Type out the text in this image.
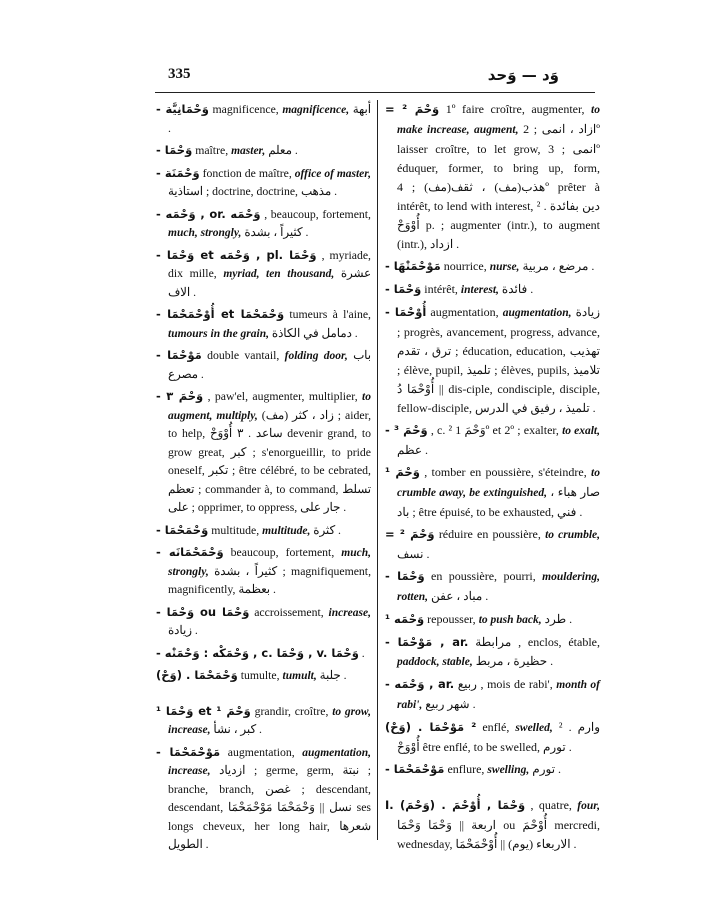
335	وَد — وَحد

- وَحْمَانِيَّة magnificence, magnificence, أبهة .

- وَحْمَا maître, master, معلم .

- وَحْمَنَة fonction de maître, office of master, استاذية ; doctrine, doctrine, مذهب .

- وَحْمَه , or. وَحْمَه , beaucoup, fortement, much, strongly, كثيراً ، بشدة .

- وَحْمَا et وَحْمَه , pl. وَحْمَا , myriade, dix mille, myriad, ten thousand, عشرة الاف .

- أُوْحْمَحْمَا et وَحْمَحْمَا tumeurs à l'aine, tumours in the grain, دمامل في الكاذة .

- مَوْحْمَا double vantail, folding door, باب مصرع .

- وَحْمَ ٣ , paw'el, augmenter, multiplier, to augment, multiply, (مف) زاد ، كثر ; aider, to help, ساعد . ٣ أُوْوَحْ devenir grand, to grow great, كبر ; s'enorgueillir, to pride oneself, تكبر ; être célébré, to be cebrated, تعظم ; commander à, to command, تسلط على ; opprimer, to oppress, جار على .

- وَحْمَحْمَا multitude, multitude, كثرة .

- وَحْمَحْمَانَه beaucoup, fortement, much, strongly, كثيراً ، بشدة ; magnifiquement, magnificently, بعظمة .

- وَحْمَا ou وَحْمَا accroissement, increase, زيادة .

- وَحْمَكْه : وَحْمَنْه , c. وَحْمَا , v. وَحْمَا .

(وَحْ) . وَحْمَحْمَا tumulte, tumult, جلبة .

¹ وَحْمَا et ¹ وَحْمَ grandir, croître, to grow, increase, كبر ، نشأ .

- مَوْحْمَحْمَا augmentation, augmentation, increase, ازدياد ; germe, germ, نبتة ; branche, branch, غصن ; descendant, descendant, نسل || وَحْمَحْمَا مَوْحْمَحْمَا ses longs cheveux, her long hair, شعرها الطويل .

= ² وَحْمَ 1º faire croître, augmenter, to make increase, augment, ازاد ، انمى ; 2º laisser croître, to let grow, انمى ; 3º éduquer, former, to bring up, form, هذب(مف) ، ثقف(مف) ; 4º prêter à intérêt, to lend with interest, دين بفائدة . ² أُوْوَحْ p. ; augmenter (intr.), to augment (intr.), ازداد .

- مَوْحْمَنْهَا nourrice, nurse, مرضع ، مربية .

- وَحْمَا intérêt, interest, فائدة .

- أُوْحْمَا augmentation, augmentation, زيادة ; progrès, avancement, progress, advance, ترق ، تقدم ; éducation, education, تهذيب ; élève, pupil, تلميذ ; élèves, pupils, تلاميذ || أُوْحْمَا دُ dis-ciple, condisciple, disciple, fellow-disciple, تلميذ ، رفيق في الدرس .

- وَحْمَ ³ , c. ² وَحْمَ 1º et 2º ; exalter, to exalt, عظم .

¹ وَحْمَ , tomber en poussière, s'éteindre, to crumble away, be extinguished, صار هباء ، باد ; être épuisé, to be exhausted, فني .

= ² وَحْمَ réduire en poussière, to crumble, نسف .

- وَحْمَا en poussière, pourri, mouldering, rotten, مباد ، عفن .

¹ وَحْمَه repousser, to push back, طرد .

- مَوْحْمَا , ar. مرابطة , enclos, étable, paddock, stable, حظيرة ، مربط .

- وَحْمَه , ar. ربيع , mois de rabi', month of rabi', شهر ربيع .

(وَحْ) . ² مَوْحْمَا enflé, swelled, وارم . ² أُوْوَحْ être enflé, to be swelled, تورم .

- مَوْحْمَحْمَا enflure, swelling, تورم .

I. (وَحْمَ) . وَحْمَا , أُوْحْمَ , quatre, four, اربعة || وَحْمَا وَحْمَا ou أُوْحْمَ mercredi, wednesday, الاربعاء (يوم) || أُوْحْمَحْمَا .
